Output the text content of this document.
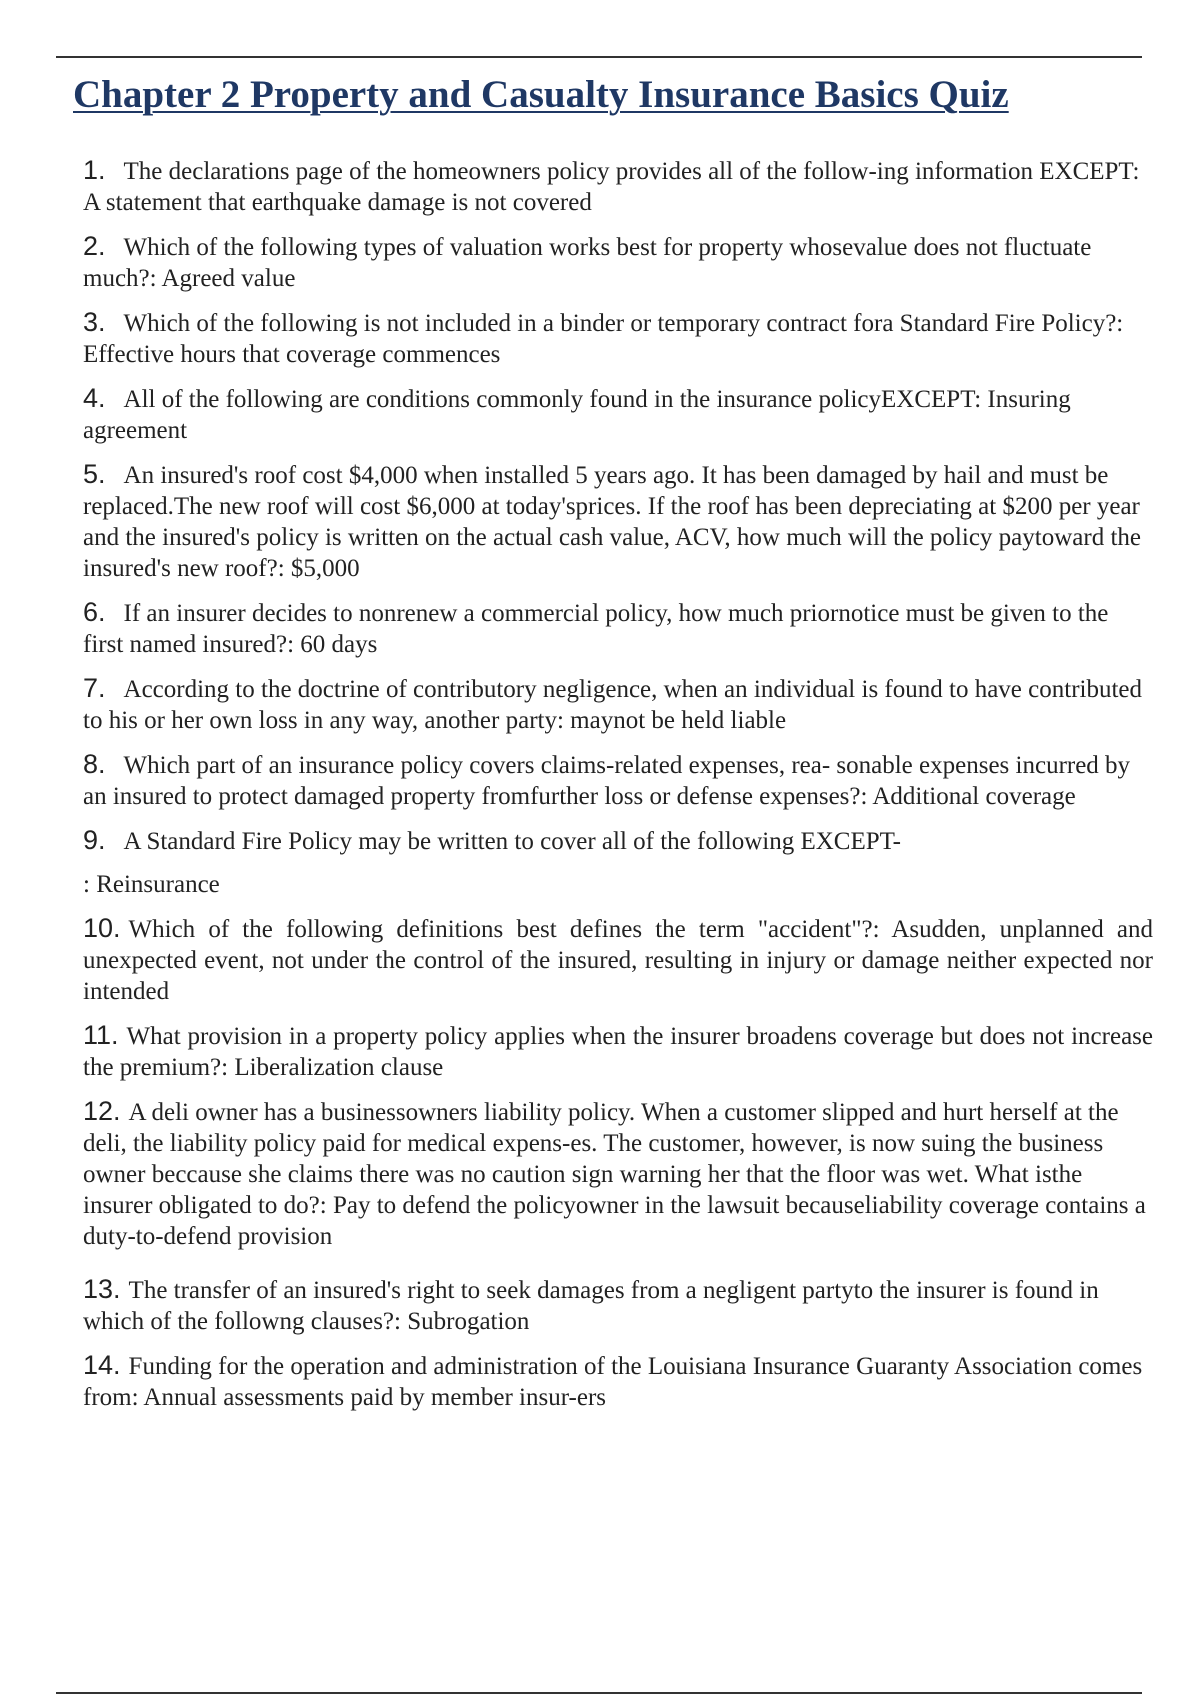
Chapter 2 Property and Casualty Insurance Basics Quiz
1. The declarations page of the homeowners policy provides all of the follow-ing information EXCEPT: A statement that earthquake damage is not covered
2. Which of the following types of valuation works best for property whosevalue does not fluctuate much?: Agreed value
3. Which of the following is not included in a binder or temporary contract fora Standard Fire Policy?: Effective hours that coverage commences
4. All of the following are conditions commonly found in the insurance policyEXCEPT: Insuring agreement
5. An insured's roof cost $4,000 when installed 5 years ago. It has been damaged by hail and must be replaced.The new roof will cost $6,000 at today'sprices. If the roof has been depreciating at $200 per year and the insured's policy is written on the actual cash value, ACV, how much will the policy paytoward the insured's new roof?: $5,000
6. If an insurer decides to nonrenew a commercial policy, how much priornotice must be given to the first named insured?: 60 days
7. According to the doctrine of contributory negligence, when an individual is found to have contributed to his or her own loss in any way, another party: maynot be held liable
8. Which part of an insurance policy covers claims-related expenses, rea- sonable expenses incurred by an insured to protect damaged property fromfurther loss or defense expenses?: Additional coverage
9. A Standard Fire Policy may be written to cover all of the following EXCEPT-
: Reinsurance
10. Which of the following definitions best defines the term "accident"?: Asudden, unplanned and unexpected event, not under the control of the insured, resulting in injury or damage neither expected nor intended
11. What provision in a property policy applies when the insurer broadens coverage but does not increase the premium?: Liberalization clause
12. A deli owner has a businessowners liability policy. When a customer slipped and hurt herself at the deli, the liability policy paid for medical expens-es. The customer, however, is now suing the business owner beccause she claims there was no caution sign warning her that the floor was wet. What isthe insurer obligated to do?: Pay to defend the policyowner in the lawsuit becauseliability coverage contains a duty-to-defend provision
13. The transfer of an insured's right to seek damages from a negligent partyto the insurer is found in which of the followng clauses?: Subrogation
14. Funding for the operation and administration of the Louisiana Insurance Guaranty Association comes from: Annual assessments paid by member insur-ers
